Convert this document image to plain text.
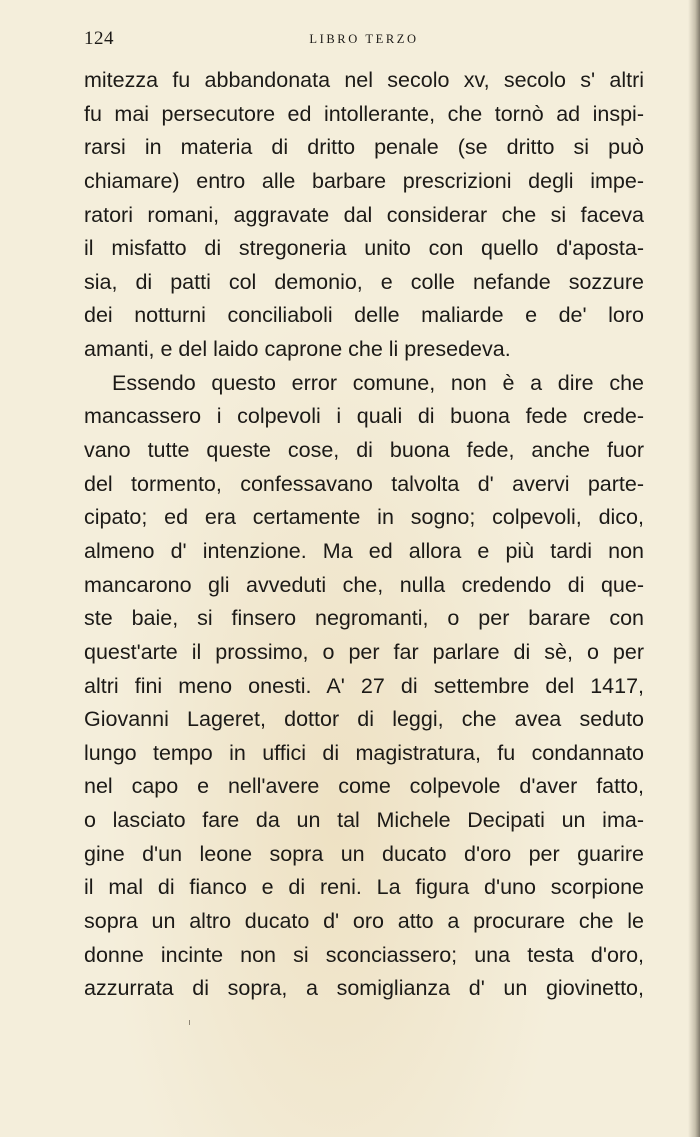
124	LIBRO TERZO
mitezza fu abbandonata nel secolo xv, secolo s' altri
fu mai persecutore ed intollerante, che tornò ad inspi-
rarsi in materia di dritto penale (se dritto si può
chiamare) entro alle barbare prescrizioni degli impe-
ratori romani, aggravate dal considerar che si faceva
il misfatto di stregoneria unito con quello d'aposta-
sia, di patti col demonio, e colle nefande sozzure
dei notturni conciliaboli delle maliarde e de' loro
amanti, e del laido caprone che li presedeva.
Essendo questo error comune, non è a dire che
mancassero i colpevoli i quali di buona fede crede-
vano tutte queste cose, di buona fede, anche fuor
del tormento, confessavano talvolta d' avervi parte-
cipato; ed era certamente in sogno; colpevoli, dico,
almeno d' intenzione. Ma ed allora e più tardi non
mancarono gli avveduti che, nulla credendo di que-
ste baie, si finsero negromanti, o per barare con
quest'arte il prossimo, o per far parlare di sè, o per
altri fini meno onesti. A' 27 di settembre del 1417,
Giovanni Lageret, dottor di leggi, che avea seduto
lungo tempo in uffici di magistratura, fu condannato
nel capo e nell'avere come colpevole d'aver fatto,
o lasciato fare da un tal Michele Decipati un ima-
gine d'un leone sopra un ducato d'oro per guarire
il mal di fianco e di reni. La figura d'uno scorpione
sopra un altro ducato d' oro atto a procurare che le
donne incinte non si sconciassero; una testa d'oro,
azzurrata di sopra, a somiglianza d' un giovinetto,
